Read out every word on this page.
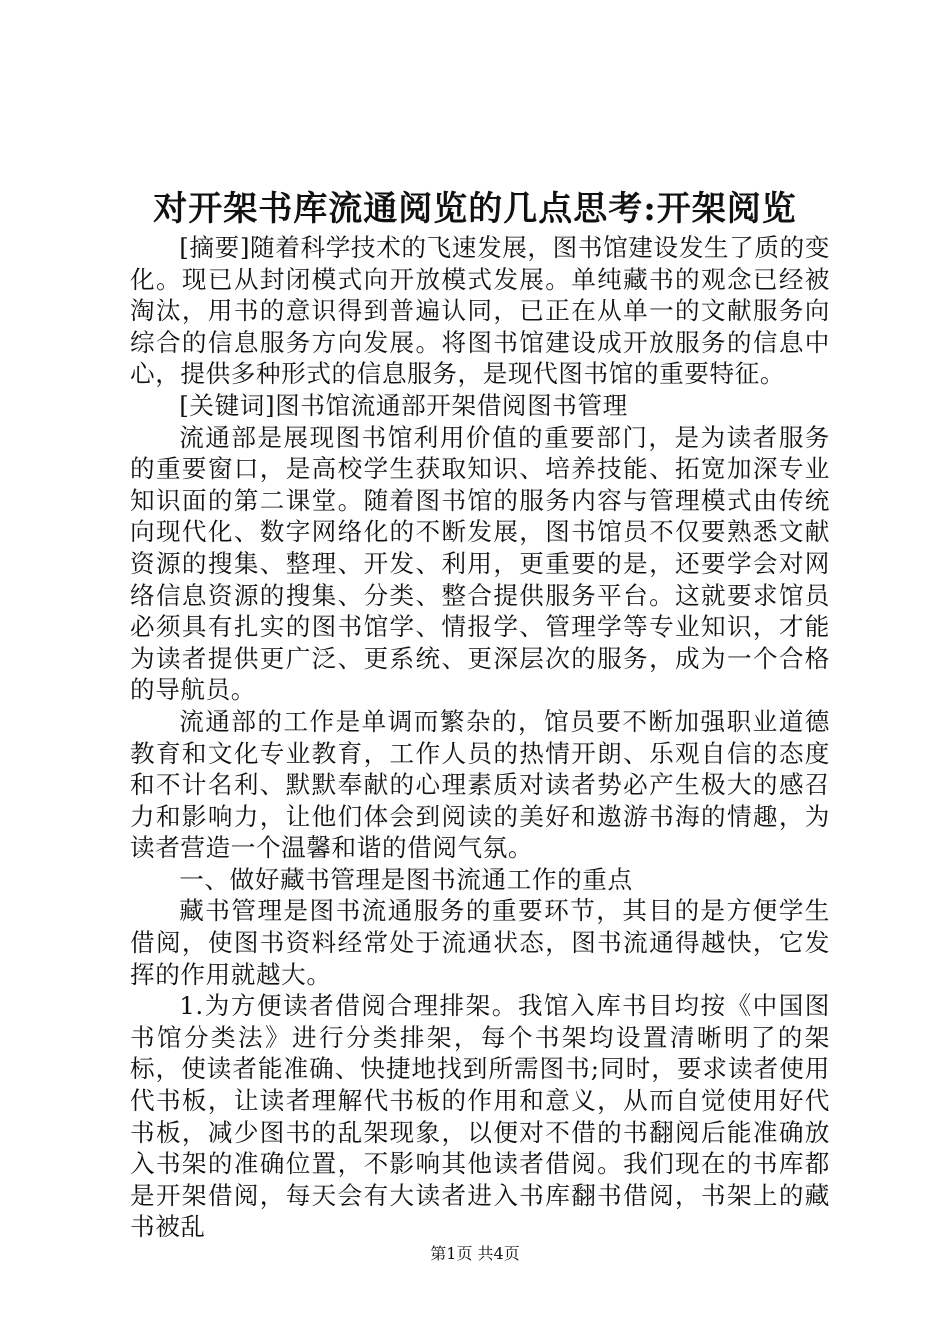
对开架书库流通阅览的几点思考:开架阅览

[摘要]随着科学技术的飞速发展，图书馆建设发生了质的变化。现已从封闭模式向开放模式发展。单纯藏书的观念已经被淘汰，用书的意识得到普遍认同，已正在从单一的文献服务向综合的信息服务方向发展。将图书馆建设成开放服务的信息中心，提供多种形式的信息服务，是现代图书馆的重要特征。

[关键词]图书馆流通部开架借阅图书管理

流通部是展现图书馆利用价值的重要部门，是为读者服务的重要窗口，是高校学生获取知识、培养技能、拓宽加深专业知识面的第二课堂。随着图书馆的服务内容与管理模式由传统向现代化、数字网络化的不断发展，图书馆员不仅要熟悉文献资源的搜集、整理、开发、利用，更重要的是，还要学会对网络信息资源的搜集、分类、整合提供服务平台。这就要求馆员必须具有扎实的图书馆学、情报学、管理学等专业知识，才能为读者提供更广泛、更系统、更深层次的服务，成为一个合格的导航员。

流通部的工作是单调而繁杂的，馆员要不断加强职业道德教育和文化专业教育，工作人员的热情开朗、乐观自信的态度和不计名利、默默奉献的心理素质对读者势必产生极大的感召力和影响力，让他们体会到阅读的美好和遨游书海的情趣，为读者营造一个温馨和谐的借阅气氛。

一、做好藏书管理是图书流通工作的重点

藏书管理是图书流通服务的重要环节，其目的是方便学生借阅，使图书资料经常处于流通状态，图书流通得越快，它发挥的作用就越大。

1.为方便读者借阅合理排架。我馆入库书目均按《中国图书馆分类法》进行分类排架，每个书架均设置清晰明了的架标，使读者能准确、快捷地找到所需图书;同时，要求读者使用代书板，让读者理解代书板的作用和意义，从而自觉使用好代书板，减少图书的乱架现象，以便对不借的书翻阅后能准确放入书架的准确位置，不影响其他读者借阅。我们现在的书库都是开架借阅，每天会有大读者进入书库翻书借阅，书架上的藏书被乱

第1页 共4页
